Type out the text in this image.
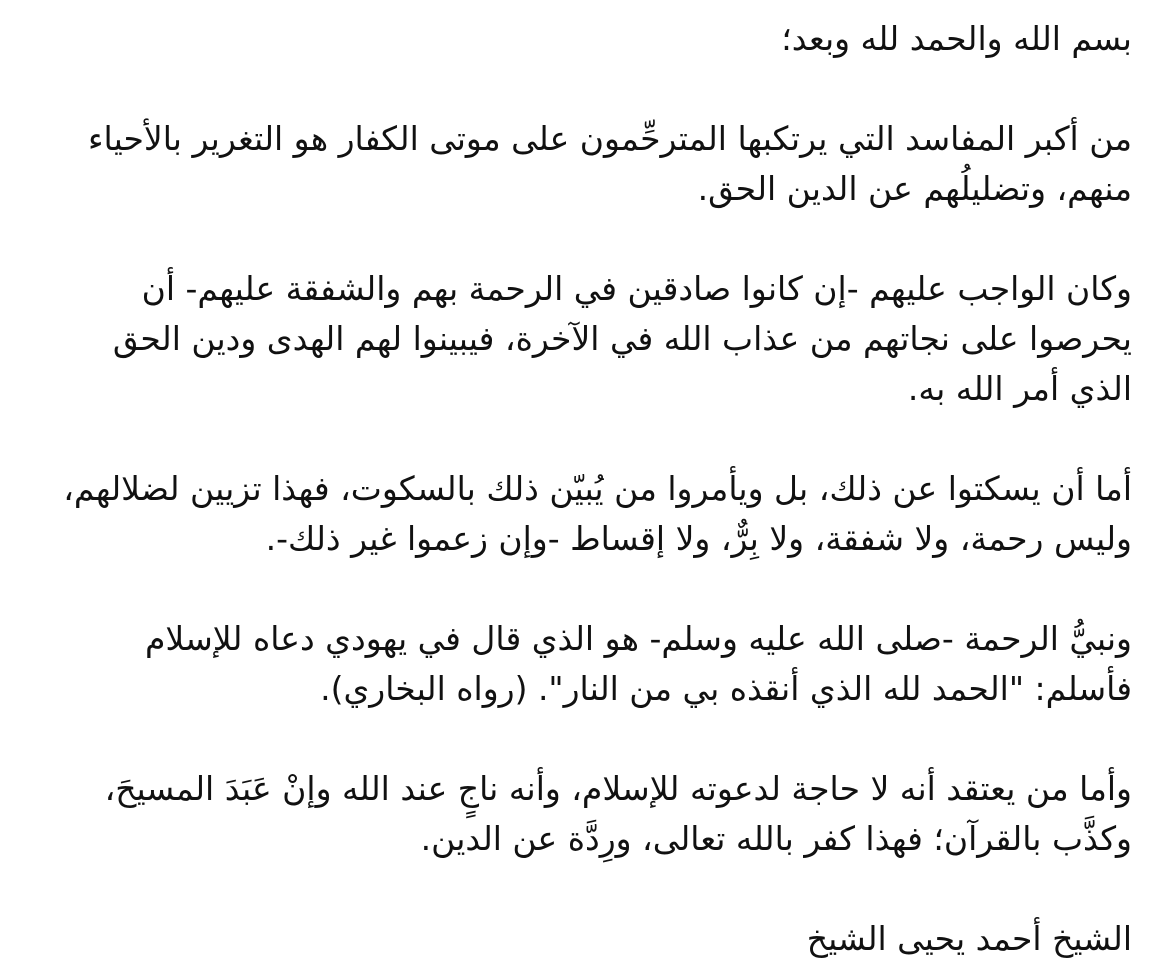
بسم الله والحمد لله وبعد؛

من أكبر المفاسد التي يرتكبها المترحِّمون على موتى الكفار هو التغرير بالأحياء منهم، وتضليلُهم عن الدين الحق.

وكان الواجب عليهم -إن كانوا صادقين في الرحمة بهم والشفقة عليهم- أن يحرصوا على نجاتهم من عذاب الله في الآخرة، فيبينوا لهم الهدى ودين الحق الذي أمر الله به.

أما أن يسكتوا عن ذلك، بل ويأمروا من يُبيّن ذلك بالسكوت، فهذا تزيين لضلالهم، وليس رحمة، ولا شفقة، ولا بِرٌّ، ولا إقساط -وإن زعموا غير ذلك-.

ونبيُّ الرحمة -صلى الله عليه وسلم- هو الذي قال في يهودي دعاه للإسلام فأسلم: "الحمد لله الذي أنقذه بي من النار". (رواه البخاري).

وأما من يعتقد أنه لا حاجة لدعوته للإسلام، وأنه ناجٍ عند الله وإنْ عَبَدَ المسيحَ، وكذَّب بالقرآن؛ فهذا كفر بالله تعالى، ورِدَّة عن الدين.

الشيخ أحمد يحيى الشيخ
